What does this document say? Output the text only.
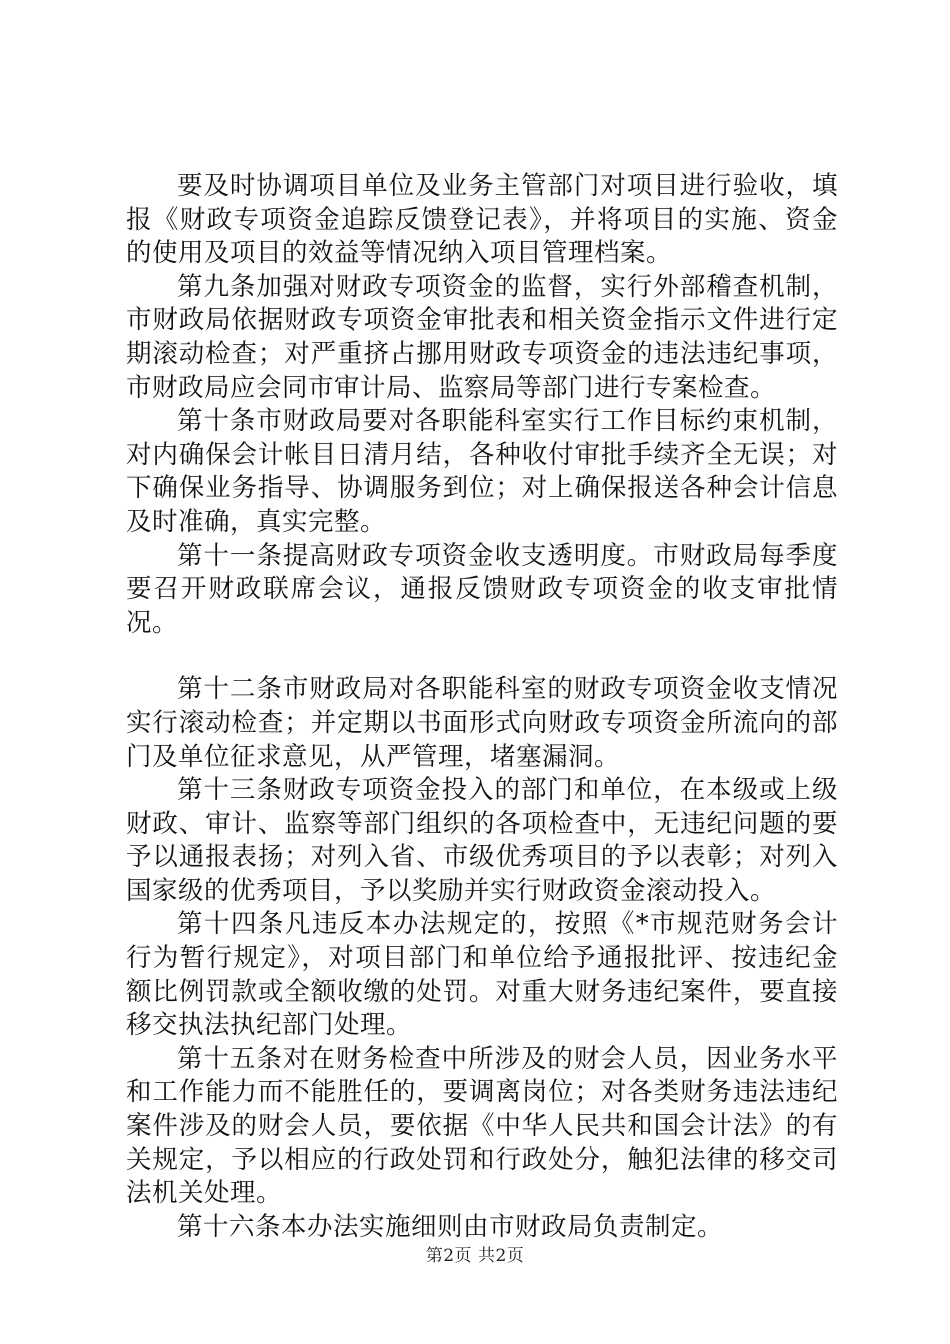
要及时协调项目单位及业务主管部门对项目进行验收，填报《财政专项资金追踪反馈登记表》，并将项目的实施、资金的使用及项目的效益等情况纳入项目管理档案。

第九条加强对财政专项资金的监督，实行外部稽查机制，市财政局依据财政专项资金审批表和相关资金指示文件进行定期滚动检查；对严重挤占挪用财政专项资金的违法违纪事项，市财政局应会同市审计局、监察局等部门进行专案检查。

第十条市财政局要对各职能科室实行工作目标约束机制，对内确保会计帐目日清月结，各种收付审批手续齐全无误；对下确保业务指导、协调服务到位；对上确保报送各种会计信息及时准确，真实完整。

第十一条提高财政专项资金收支透明度。市财政局每季度要召开财政联席会议，通报反馈财政专项资金的收支审批情况。

第十二条市财政局对各职能科室的财政专项资金收支情况实行滚动检查；并定期以书面形式向财政专项资金所流向的部门及单位征求意见，从严管理，堵塞漏洞。

第十三条财政专项资金投入的部门和单位，在本级或上级财政、审计、监察等部门组织的各项检查中，无违纪问题的要予以通报表扬；对列入省、市级优秀项目的予以表彰；对列入国家级的优秀项目，予以奖励并实行财政资金滚动投入。

第十四条凡违反本办法规定的，按照《*市规范财务会计行为暂行规定》，对项目部门和单位给予通报批评、按违纪金额比例罚款或全额收缴的处罚。对重大财务违纪案件，要直接移交执法执纪部门处理。

第十五条对在财务检查中所涉及的财会人员，因业务水平和工作能力而不能胜任的，要调离岗位；对各类财务违法违纪案件涉及的财会人员，要依据《中华人民共和国会计法》的有关规定，予以相应的行政处罚和行政处分，触犯法律的移交司法机关处理。

第十六条本办法实施细则由市财政局负责制定。

第2页 共2页
